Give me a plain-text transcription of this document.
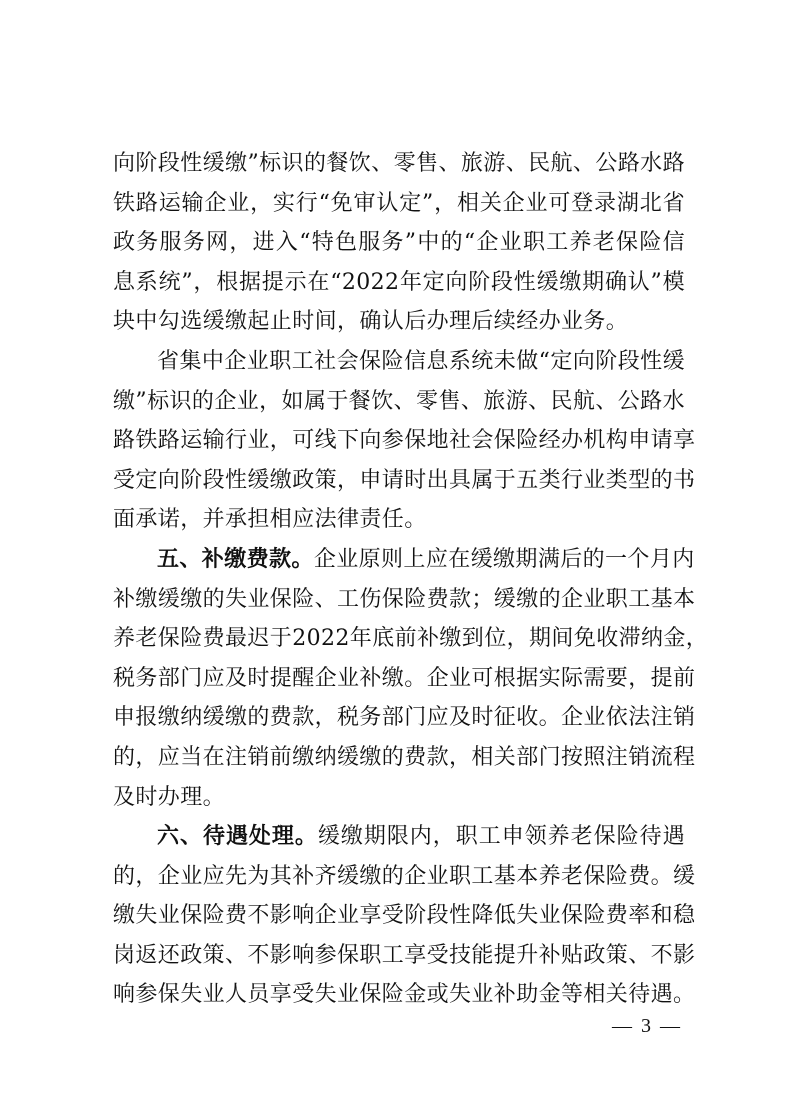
向阶段性缓缴”标识的餐饮、零售、旅游、民航、公路水路
铁路运输企业，实行“免审认定”，相关企业可登录湖北省
政务服务网，进入“特色服务”中的“企业职工养老保险信
息系统”，根据提示在“2022年定向阶段性缓缴期确认”模
块中勾选缓缴起止时间，确认后办理后续经办业务。
省集中企业职工社会保险信息系统未做“定向阶段性缓
缴”标识的企业，如属于餐饮、零售、旅游、民航、公路水
路铁路运输行业，可线下向参保地社会保险经办机构申请享
受定向阶段性缓缴政策，申请时出具属于五类行业类型的书
面承诺，并承担相应法律责任。
五、补缴费款。企业原则上应在缓缴期满后的一个月内
补缴缓缴的失业保险、工伤保险费款；缓缴的企业职工基本
养老保险费最迟于2022年底前补缴到位，期间免收滞纳金，
税务部门应及时提醒企业补缴。企业可根据实际需要，提前
申报缴纳缓缴的费款，税务部门应及时征收。企业依法注销
的，应当在注销前缴纳缓缴的费款，相关部门按照注销流程
及时办理。
六、待遇处理。缓缴期限内，职工申领养老保险待遇
的，企业应先为其补齐缓缴的企业职工基本养老保险费。缓
缴失业保险费不影响企业享受阶段性降低失业保险费率和稳
岗返还政策、不影响参保职工享受技能提升补贴政策、不影
响参保失业人员享受失业保险金或失业补助金等相关待遇。
— 3 —
